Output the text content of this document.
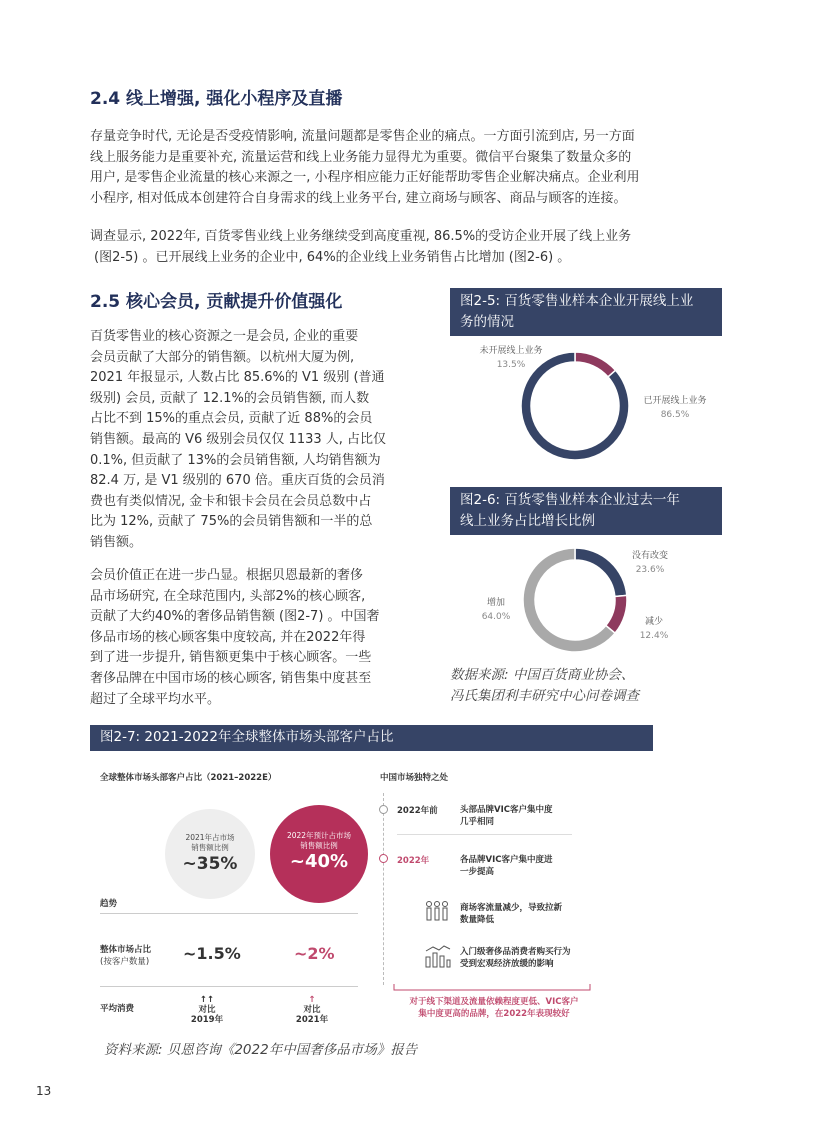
2.4 线上增强, 强化小程序及直播

存量竞争时代, 无论是否受疫情影响, 流量问题都是零售企业的痛点。一方面引流到店, 另一方面

线上服务能力是重要补充, 流量运营和线上业务能力显得尤为重要。微信平台聚集了数量众多的

用户, 是零售企业流量的核心来源之一, 小程序相应能力正好能帮助零售企业解决痛点。企业利用

小程序, 相对低成本创建符合自身需求的线上业务平台, 建立商场与顾客、商品与顾客的连接。

调查显示, 2022年, 百货零售业线上业务继续受到高度重视, 86.5%的受访企业开展了线上业务

(图2-5) 。已开展线上业务的企业中, 64%的企业线上业务销售占比增加 (图2-6) 。

2.5 核心会员, 贡献提升价值强化

百货零售业的核心资源之一是会员, 企业的重要

会员贡献了大部分的销售额。以杭州大厦为例,

2021 年报显示, 人数占比 85.6%的 V1 级别 (普通

级别) 会员, 贡献了 12.1%的会员销售额, 而人数

占比不到 15%的重点会员, 贡献了近 88%的会员

销售额。最高的 V6 级别会员仅仅 1133 人, 占比仅

0.1%, 但贡献了 13%的会员销售额, 人均销售额为

82.4 万, 是 V1 级别的 670 倍。重庆百货的会员消

费也有类似情况, 金卡和银卡会员在会员总数中占

比为 12%, 贡献了 75%的会员销售额和一半的总

销售额。

会员价值正在进一步凸显。根据贝恩最新的奢侈

品市场研究, 在全球范围内, 头部2%的核心顾客,

贡献了大约40%的奢侈品销售额 (图2-7) 。中国奢

侈品市场的核心顾客集中度较高, 并在2022年得

到了进一步提升, 销售额更集中于核心顾客。一些

奢侈品牌在中国市场的核心顾客, 销售集中度甚至

超过了全球平均水平。

图2-5: 百货零售业样本企业开展线上业
务的情况
未开展线上业务
13.5%
已开展线上业务
86.5%
图2-6: 百货零售业样本企业过去一年
线上业务占比增长比例
没有改变
23.6%
减少
12.4%
增加
64.0%
数据来源: 中国百货商业协会、
冯氏集团利丰研究中心问卷调查
图2-7: 2021-2022年全球整体市场头部客户占比
全球整体市场头部客户占比（2021–2022E）
2021年占市场
销售额比例
~35%
2022年预计占市场
销售额比例
~40%
趋势
整体市场占比
(按客户数量) ~1.5%	~2%
平均消费
↑↑
对比
2019年
↑
对比
2021年
中国市场独特之处
2022年前	头部品牌VIC客户集中度
几乎相同
2022年	各品牌VIC客户集中度进
一步提高
商场客流量减少，导致拉新
数量降低
入门级奢侈品消费者购买行为
受到宏观经济放缓的影响
对于线下渠道及流量依赖程度更低、VIC客户
集中度更高的品牌，在2022年表现较好
资料来源: 贝恩咨询《2022年中国奢侈品市场》报告
13
